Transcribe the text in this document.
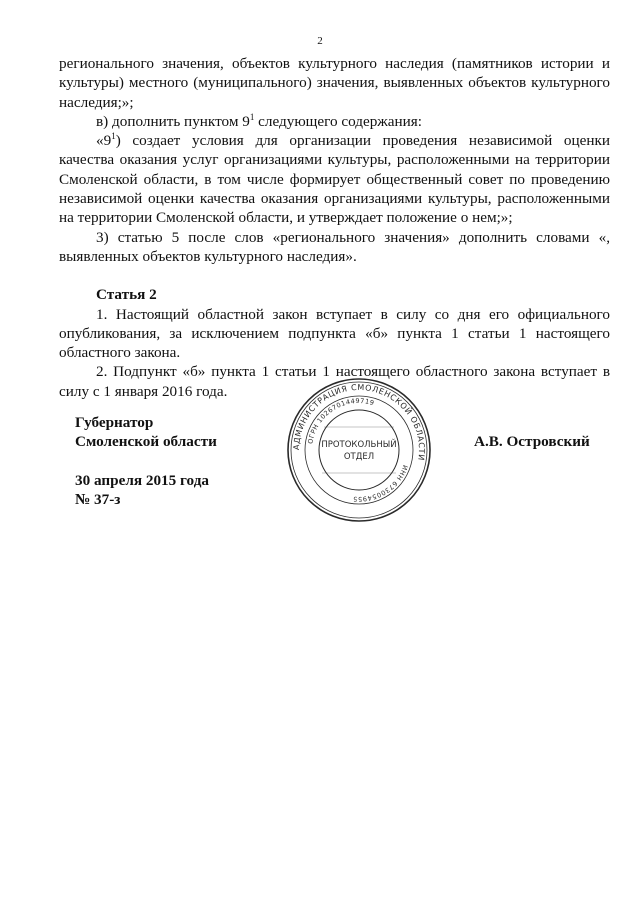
2

регионального значения, объектов культурного наследия (памятников истории и культуры) местного (муниципального) значения, выявленных объектов культурного наследия;»;

в) дополнить пунктом $9^1$ следующего содержания:

«$9^1$) создает условия для организации проведения независимой оценки качества оказания услуг организациями культуры, расположенными на территории Смоленской области, в том числе формирует общественный совет по проведению независимой оценки качества оказания организациями культуры, расположенными на территории Смоленской области, и утверждает положение о нем;»;

3) статью 5 после слов «регионального значения» дополнить словами «, выявленных объектов культурного наследия».

Статья 2

1. Настоящий областной закон вступает в силу со дня его официального опубликования, за исключением подпункта «б» пункта 1 статьи 1 настоящего областного закона.

2. Подпункт «б» пункта 1 статьи 1 настоящего областного закона вступает в силу с 1 января 2016 года.

Губернатор
Смоленской области
30 апреля 2015 года
№ 37-з
А.В. Островский
АДМИНИСТРАЦИЯ СМОЛЕНСКОЙ ОБЛАСТИ
ОГРН 1026701449719
ИНН 6730054955
ПРОТОКОЛЬНЫЙ
ОТДЕЛ
